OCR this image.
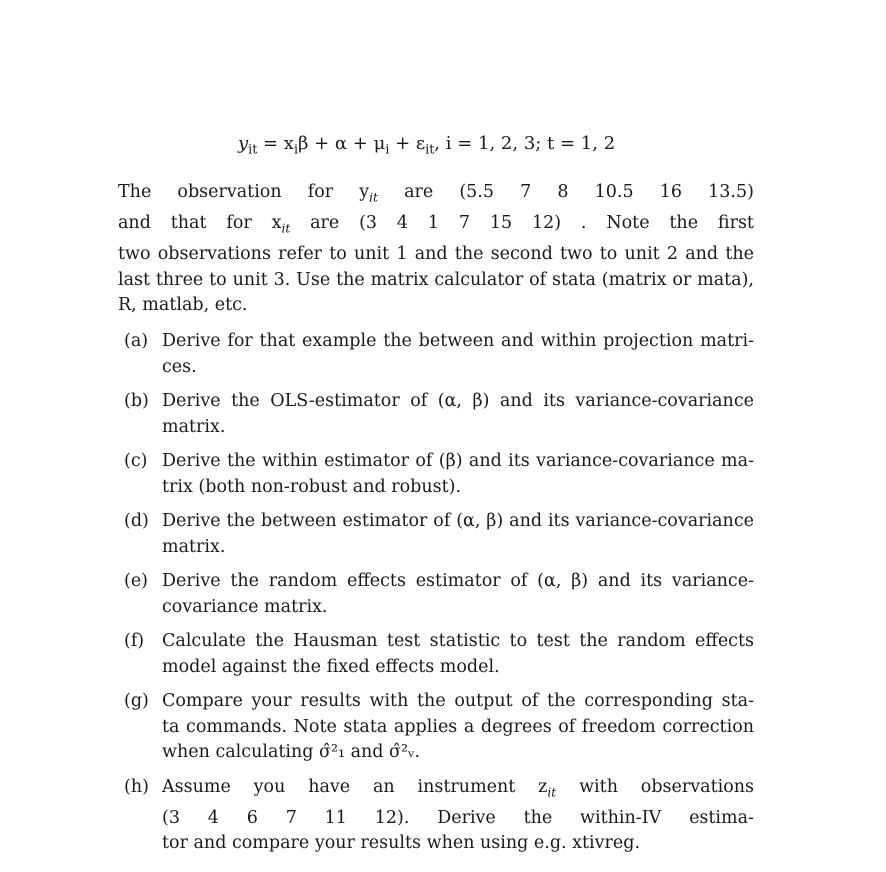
$y_{it} = x_i\beta + \alpha + \mu_i + \varepsilon_{it}$, i = 1, 2, 3; t = 1, 2
The observation for $y_{it}$ are (5.5 7 8 10.5 16 13.5)
and that for $x_{it}$ are (3 4 1 7 15 12) . Note the first
two observations refer to unit 1 and the second two to unit 2 and the
last three to unit 3. Use the matrix calculator of stata (matrix or mata),
R, matlab, etc.
(a) Derive for that example the between and within projection matri-
ces.
(b) Derive the OLS-estimator of (α, β) and its variance-covariance
matrix.
(c) Derive the within estimator of (β) and its variance-covariance ma-
trix (both non-robust and robust).
(d) Derive the between estimator of (α, β) and its variance-covariance
matrix.
(e) Derive the random effects estimator of (α, β) and its variance-
covariance matrix.
(f) Calculate the Hausman test statistic to test the random effects
model against the fixed effects model.
(g) Compare your results with the output of the corresponding sta-
ta commands. Note stata applies a degrees of freedom correction
when calculating σ̂²₁ and σ̂²ᵥ.
(h) Assume you have an instrument $z_{it}$ with observations
(3 4 6 7 11 12). Derive the within-IV estima-
tor and compare your results when using e.g. xtivreg.
